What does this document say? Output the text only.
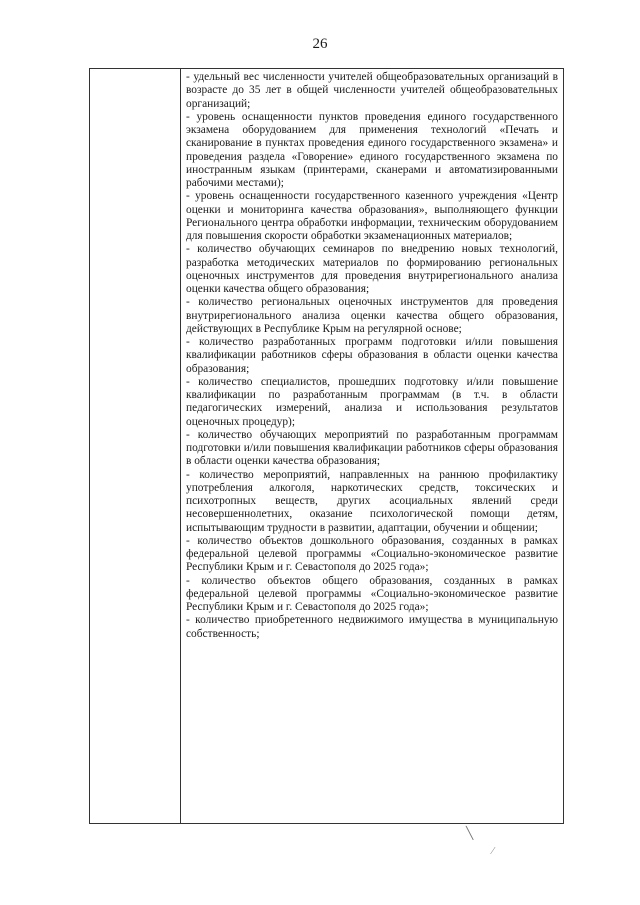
26

- удельный вес численности учителей общеобразовательных организаций в возрасте до 35 лет в общей численности учителей общеобразовательных организаций;

- уровень оснащенности пунктов проведения единого государственного экзамена оборудованием для применения технологий «Печать и сканирование в пунктах проведения единого государственного экзамена» и проведения раздела «Говорение» единого государственного экзамена по иностранным языкам (принтерами, сканерами и автоматизированными рабочими местами);

- уровень оснащенности государственного казенного учреждения «Центр оценки и мониторинга качества образования», выполняющего функции Регионального центра обработки информации, техническим оборудованием для повышения скорости обработки экзаменационных материалов;

- количество обучающих семинаров по внедрению новых технологий, разработка методических материалов по формированию региональных оценочных инструментов для проведения внутрирегионального анализа оценки качества общего образования;

- количество региональных оценочных инструментов для проведения внутрирегионального анализа оценки качества общего образования, действующих в Республике Крым на регулярной основе;

- количество разработанных программ подготовки и/или повышения квалификации работников сферы образования в области оценки качества образования;

- количество специалистов, прошедших подготовку и/или повышение квалификации по разработанным программам (в т.ч. в области педагогических измерений, анализа и использования результатов оценочных процедур);

- количество обучающих мероприятий по разработанным программам подготовки и/или повышения квалификации работников сферы образования в области оценки качества образования;

- количество мероприятий, направленных на раннюю профилактику употребления алкоголя, наркотических средств, токсических и психотропных веществ, других асоциальных явлений среди несовершеннолетних, оказание психологической помощи детям, испытывающим трудности в развитии, адаптации, обучении и общении;

- количество объектов дошкольного образования, созданных в рамках федеральной целевой программы «Социально-экономическое развитие Республики Крым и г. Севастополя до 2025 года»;

- количество объектов общего образования, созданных в рамках федеральной целевой программы «Социально-экономическое развитие Республики Крым и г. Севастополя до 2025 года»;

- количество приобретенного недвижимого имущества в муниципальную собственность;

╲
⁄
